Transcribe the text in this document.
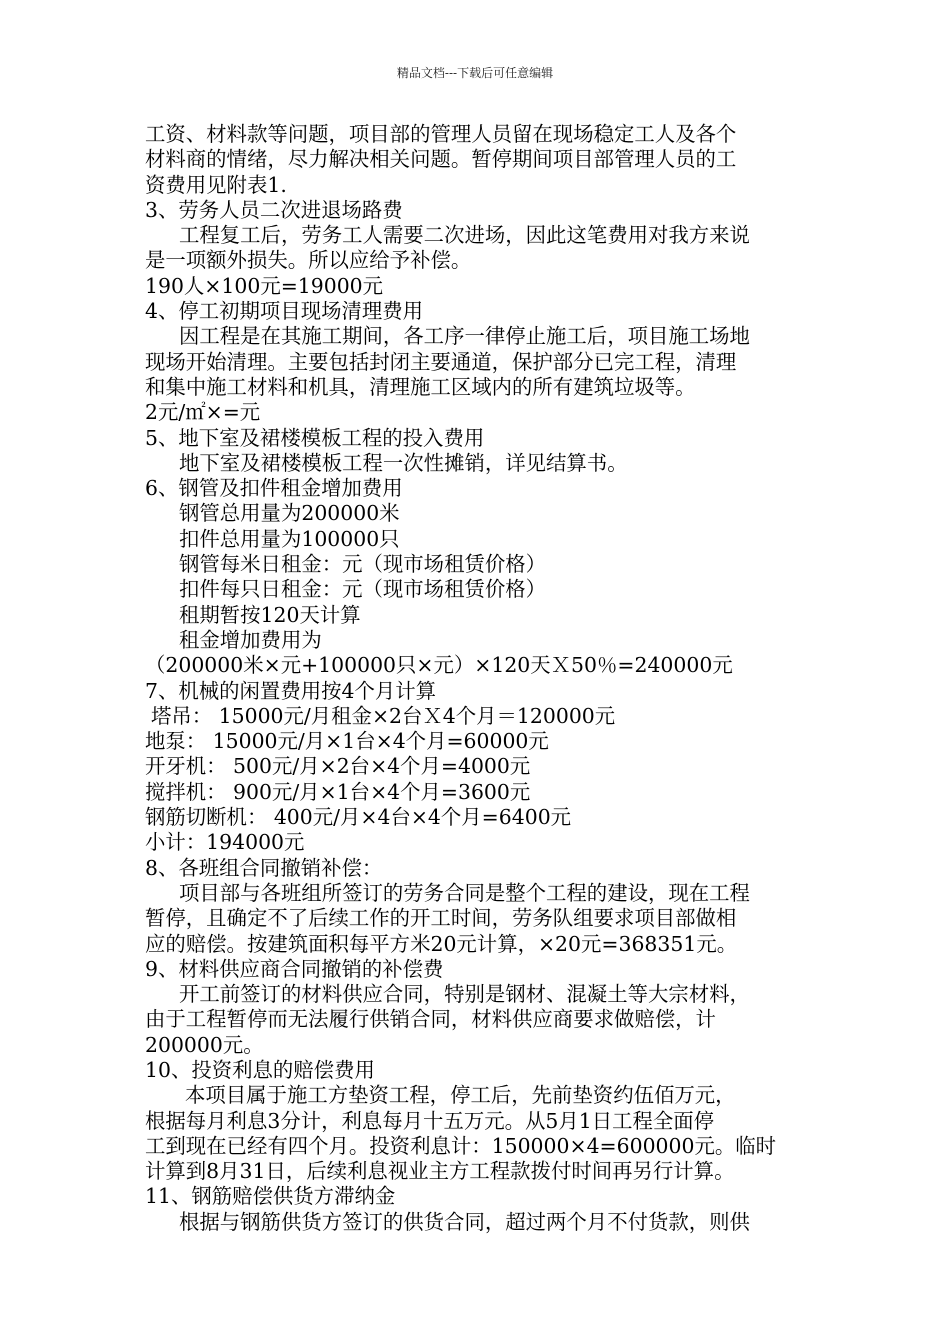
精品文档---下载后可任意编辑
工资、材料款等问题，项目部的管理人员留在现场稳定工人及各个
材料商的情绪，尽力解决相关问题。暂停期间项目部管理人员的工
资费用见附表1.
3、劳务人员二次进退场路费
工程复工后，劳务工人需要二次进场，因此这笔费用对我方来说
是一项额外损失。所以应给予补偿。
190人×100元=19000元
4、停工初期项目现场清理费用
因工程是在其施工期间，各工序一律停止施工后，项目施工场地
现场开始清理。主要包括封闭主要通道，保护部分已完工程，清理
和集中施工材料和机具，清理施工区域内的所有建筑垃圾等。
2元/㎡×=元
5、地下室及裙楼模板工程的投入费用
地下室及裙楼模板工程一次性摊销，详见结算书。
6、钢管及扣件租金增加费用
钢管总用量为200000米
扣件总用量为100000只
钢管每米日租金：元（现市场租赁价格）
扣件每只日租金：元（现市场租赁价格）
租期暂按120天计算
租金增加费用为
（200000米×元+100000只×元）×120天Ｘ50％=240000元
7、机械的闲置费用按4个月计算
塔吊： 15000元/月租金×2台Ｘ4个月＝120000元
地泵： 15000元/月×1台×4个月=60000元
开牙机： 500元/月×2台×4个月=4000元
搅拌机： 900元/月×1台×4个月=3600元
钢筋切断机： 400元/月×4台×4个月=6400元
小计：194000元
8、各班组合同撤销补偿：
项目部与各班组所签订的劳务合同是整个工程的建设，现在工程
暂停，且确定不了后续工作的开工时间，劳务队组要求项目部做相
应的赔偿。按建筑面积每平方米20元计算，×20元=368351元。
9、材料供应商合同撤销的补偿费
开工前签订的材料供应合同，特别是钢材、混凝土等大宗材料，
由于工程暂停而无法履行供销合同，材料供应商要求做赔偿，计
200000元。
10、投资利息的赔偿费用
本项目属于施工方垫资工程，停工后，先前垫资约伍佰万元，
根据每月利息3分计，利息每月十五万元。从5月1日工程全面停
工到现在已经有四个月。投资利息计：150000×4=600000元。临时
计算到8月31日，后续利息视业主方工程款拨付时间再另行计算。
11、钢筋赔偿供货方滞纳金
根据与钢筋供货方签订的供货合同，超过两个月不付货款，则供
